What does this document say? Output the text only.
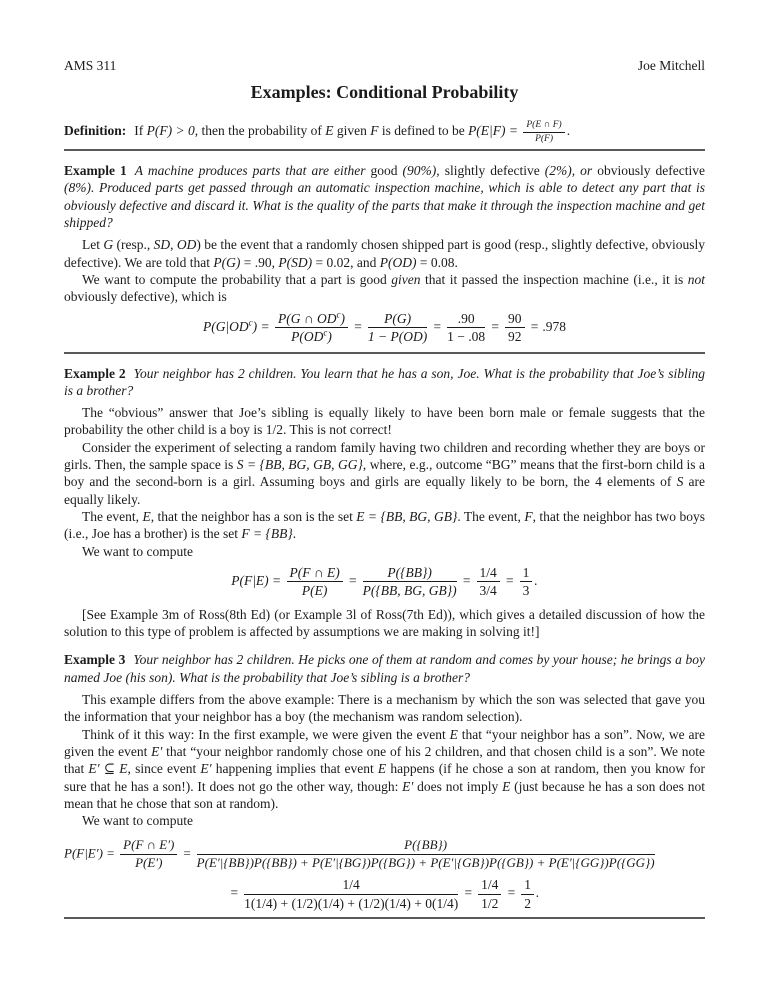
AMS 311	Joe Mitchell
Examples: Conditional Probability

Definition: If P(F) > 0, then the probability of E given F is defined to be $P(E|F) = \frac{P(E \cap F)}{P(F)}$ .

Example 1 A machine produces parts that are either good (90%), slightly defective (2%), or obviously defective (8%). Produced parts get passed through an automatic inspection machine, which is able to detect any part that is obviously defective and discard it. What is the quality of the parts that make it through the inspection machine and get shipped?

Let G (resp., SD, OD) be the event that a randomly chosen shipped part is good (resp., slightly defective, obviously defective). We are told that P(G) = .90, P(SD) = 0.02, and P(OD) = 0.08.

We want to compute the probability that a part is good given that it passed the inspection machine (i.e., it is not obviously defective), which is

$P(G|OD^c) = \frac{P(G \cap OD^c)}{P(OD^c)} = \frac{P(G)}{1 - P(OD)} = \frac{.90}{1 - .08} = \frac{90}{92} = .978$

Example 2 Your neighbor has 2 children. You learn that he has a son, Joe. What is the probability that Joe’s sibling is a brother?

The “obvious” answer that Joe’s sibling is equally likely to have been born male or female suggests that the probability the other child is a boy is 1/2. This is not correct!

Consider the experiment of selecting a random family having two children and recording whether they are boys or girls. Then, the sample space is S = {BB, BG, GB, GG}, where, e.g., outcome “BG” means that the first-born child is a boy and the second-born is a girl. Assuming boys and girls are equally likely to be born, the 4 elements of S are equally likely.

The event, E, that the neighbor has a son is the set E = {BB, BG, GB}. The event, F, that the neighbor has two boys (i.e., Joe has a brother) is the set F = {BB}.

We want to compute

$P(F|E) = \frac{P(F \cap E)}{P(E)} = \frac{P(\{BB\})}{P(\{BB, BG, GB\})} = \frac{1/4}{3/4} = \frac{1}{3}$ .

[See Example 3m of Ross(8th Ed) (or Example 3l of Ross(7th Ed)), which gives a detailed discussion of how the solution to this type of problem is affected by assumptions we are making in solving it!]

Example 3 Your neighbor has 2 children. He picks one of them at random and comes by your house; he brings a boy named Joe (his son). What is the probability that Joe’s sibling is a brother?

This example differs from the above example: There is a mechanism by which the son was selected that gave you the information that your neighbor has a boy (the mechanism was random selection).

Think of it this way: In the first example, we were given the event E that “your neighbor has a son”. Now, we are given the event E′ that “your neighbor randomly chose one of his 2 children, and that chosen child is a son”. We note that E′ ⊆ E, since event E′ happening implies that event E happens (if he chose a son at random, then you know for sure that he has a son!). It does not go the other way, though: E′ does not imply E (just because he has a son does not mean that he chose that son at random).

We want to compute

$P(F|E') = \frac{P(F \cap E')}{P(E')}$ =
P({BB})
P(E′|{BB})P({BB}) + P(E′|{BG})P({BG}) + P(E′|{GB})P({GB}) + P(E′|{GG})P({GG})
= $\frac{1/4}{1(1/4) + (1/2)(1/4) + (1/2)(1/4) + 0(1/4)} = \frac{1/4}{1/2} = \frac{1}{2}$ .
